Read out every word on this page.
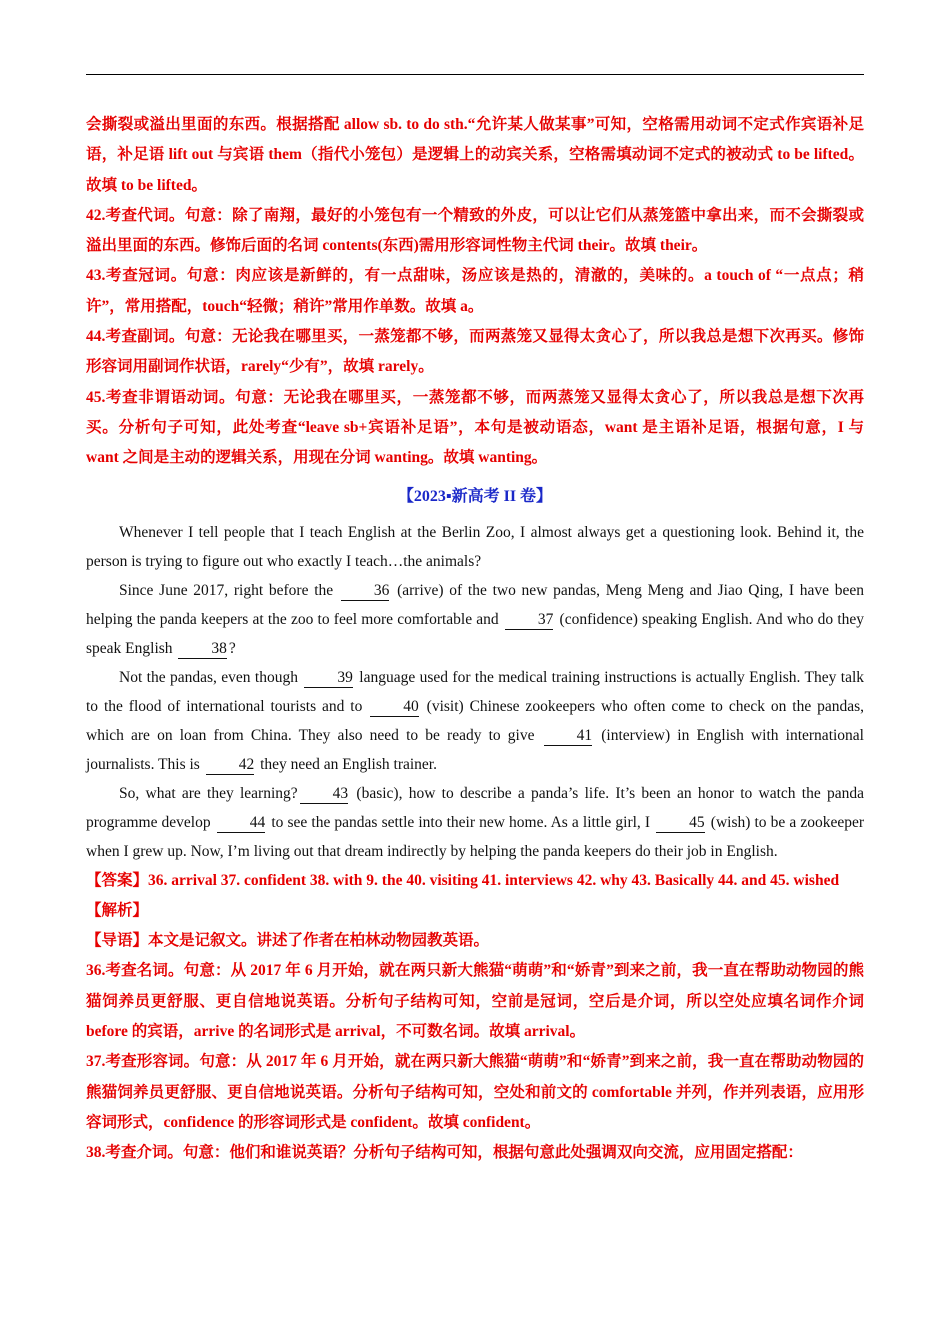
会撕裂或溢出里面的东西。根据搭配 allow sb. to do sth.“允许某人做某事”可知，空格需用动词不定式作宾语补足语，补足语 lift out 与宾语 them（指代小笼包）是逻辑上的动宾关系，空格需填动词不定式的被动式 to be lifted。故填 to be lifted。

42.考查代词。句意：除了南翔，最好的小笼包有一个精致的外皮，可以让它们从蒸笼篮中拿出来，而不会撕裂或溢出里面的东西。修饰后面的名词 contents(东西)需用形容词性物主代词 their。故填 their。

43.考查冠词。句意：肉应该是新鲜的，有一点甜味，汤应该是热的，清澈的，美味的。a touch of “一点点；稍许”，常用搭配，touch“轻微；稍许”常用作单数。故填 a。

44.考查副词。句意：无论我在哪里买，一蒸笼都不够，而两蒸笼又显得太贪心了，所以我总是想下次再买。修饰形容词用副词作状语，rarely“少有”，故填 rarely。

45.考查非谓语动词。句意：无论我在哪里买，一蒸笼都不够，而两蒸笼又显得太贪心了，所以我总是想下次再买。分析句子可知，此处考查“leave sb+宾语补足语”，本句是被动语态，want 是主语补足语，根据句意，I 与 want 之间是主动的逻辑关系，用现在分词 wanting。故填 wanting。

【2023▪新高考 II 卷】

Whenever I tell people that I teach English at the Berlin Zoo, I almost always get a questioning look. Behind it, the person is trying to figure out who exactly I teach…the animals?

Since June 2017, right before the	36 (arrive) of the two new pandas, Meng Meng and Jiao Qing, I have been helping the panda keepers at the zoo to feel more comfortable and	37 (confidence) speaking English. And who do they speak English	38 ?

Not the pandas, even though	39 language used for the medical training instructions is actually English. They talk to the flood of international tourists and to	40 (visit) Chinese zookeepers who often come to check on the pandas, which are on loan from China. They also need to be ready to give	41 (interview) in English with international journalists. This is	42 they need an English trainer.

So, what are they learning? 43 (basic), how to describe a panda’s life. It’s been an honor to watch the panda programme develop	44 to see the pandas settle into their new home. As a little girl, I	45 (wish) to be a zookeeper when I grew up. Now, I’m living out that dream indirectly by helping the panda keepers do their job in English.

【答案】36. arrival 37. confident 38. with 9. the 40. visiting 41. interviews 42. why 43. Basically 44. and 45. wished

【解析】

【导语】本文是记叙文。讲述了作者在柏林动物园教英语。

36.考查名词。句意：从 2017 年 6 月开始，就在两只新大熊猫“萌萌”和“娇青”到来之前，我一直在帮助动物园的熊猫饲养员更舒服、更自信地说英语。分析句子结构可知，空前是冠词，空后是介词，所以空处应填名词作介词 before 的宾语，arrive 的名词形式是 arrival，不可数名词。故填 arrival。

37.考查形容词。句意：从 2017 年 6 月开始，就在两只新大熊猫“萌萌”和“娇青”到来之前，我一直在帮助动物园的熊猫饲养员更舒服、更自信地说英语。分析句子结构可知，空处和前文的 comfortable 并列，作并列表语，应用形容词形式，confidence 的形容词形式是 confident。故填 confident。

38.考查介词。句意：他们和谁说英语？分析句子结构可知，根据句意此处强调双向交流，应用固定搭配：
